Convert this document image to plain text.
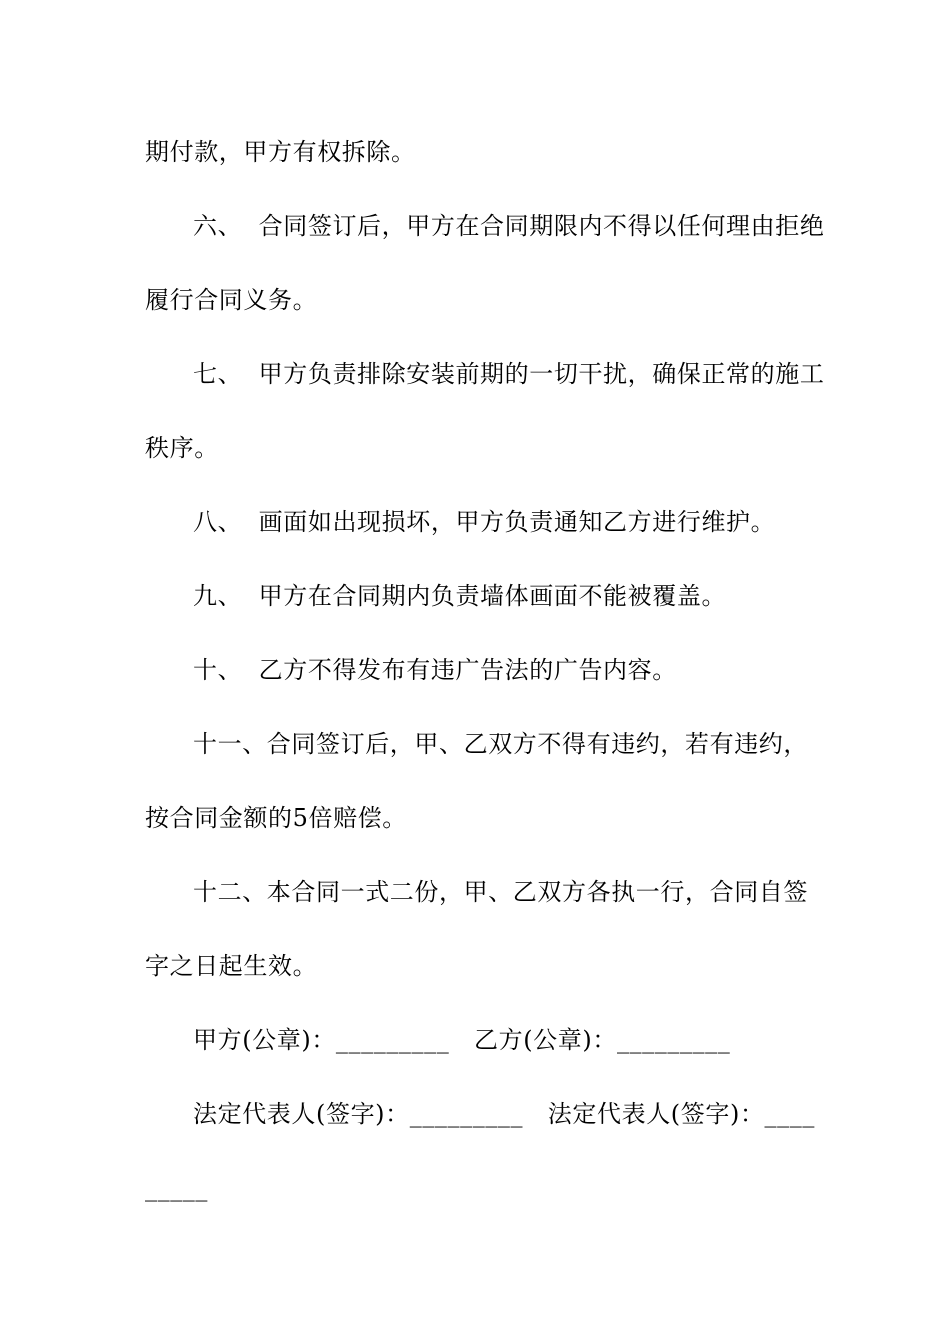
期付款，甲方有权拆除。
六、  合同签订后，甲方在合同期限内不得以任何理由拒绝
履行合同义务。
七、  甲方负责排除安装前期的一切干扰，确保正常的施工
秩序。
八、  画面如出现损坏，甲方负责通知乙方进行维护。
九、  甲方在合同期内负责墙体画面不能被覆盖。
十、  乙方不得发布有违广告法的广告内容。
十一、合同签订后，甲、乙双方不得有违约，若有违约，
按合同金额的5倍赔偿。
十二、本合同一式二份，甲、乙双方各执一行，合同自签
字之日起生效。
甲方(公章)：_________   乙方(公章)：_________
法定代表人(签字)：_________   法定代表人(签字)：____
_____
